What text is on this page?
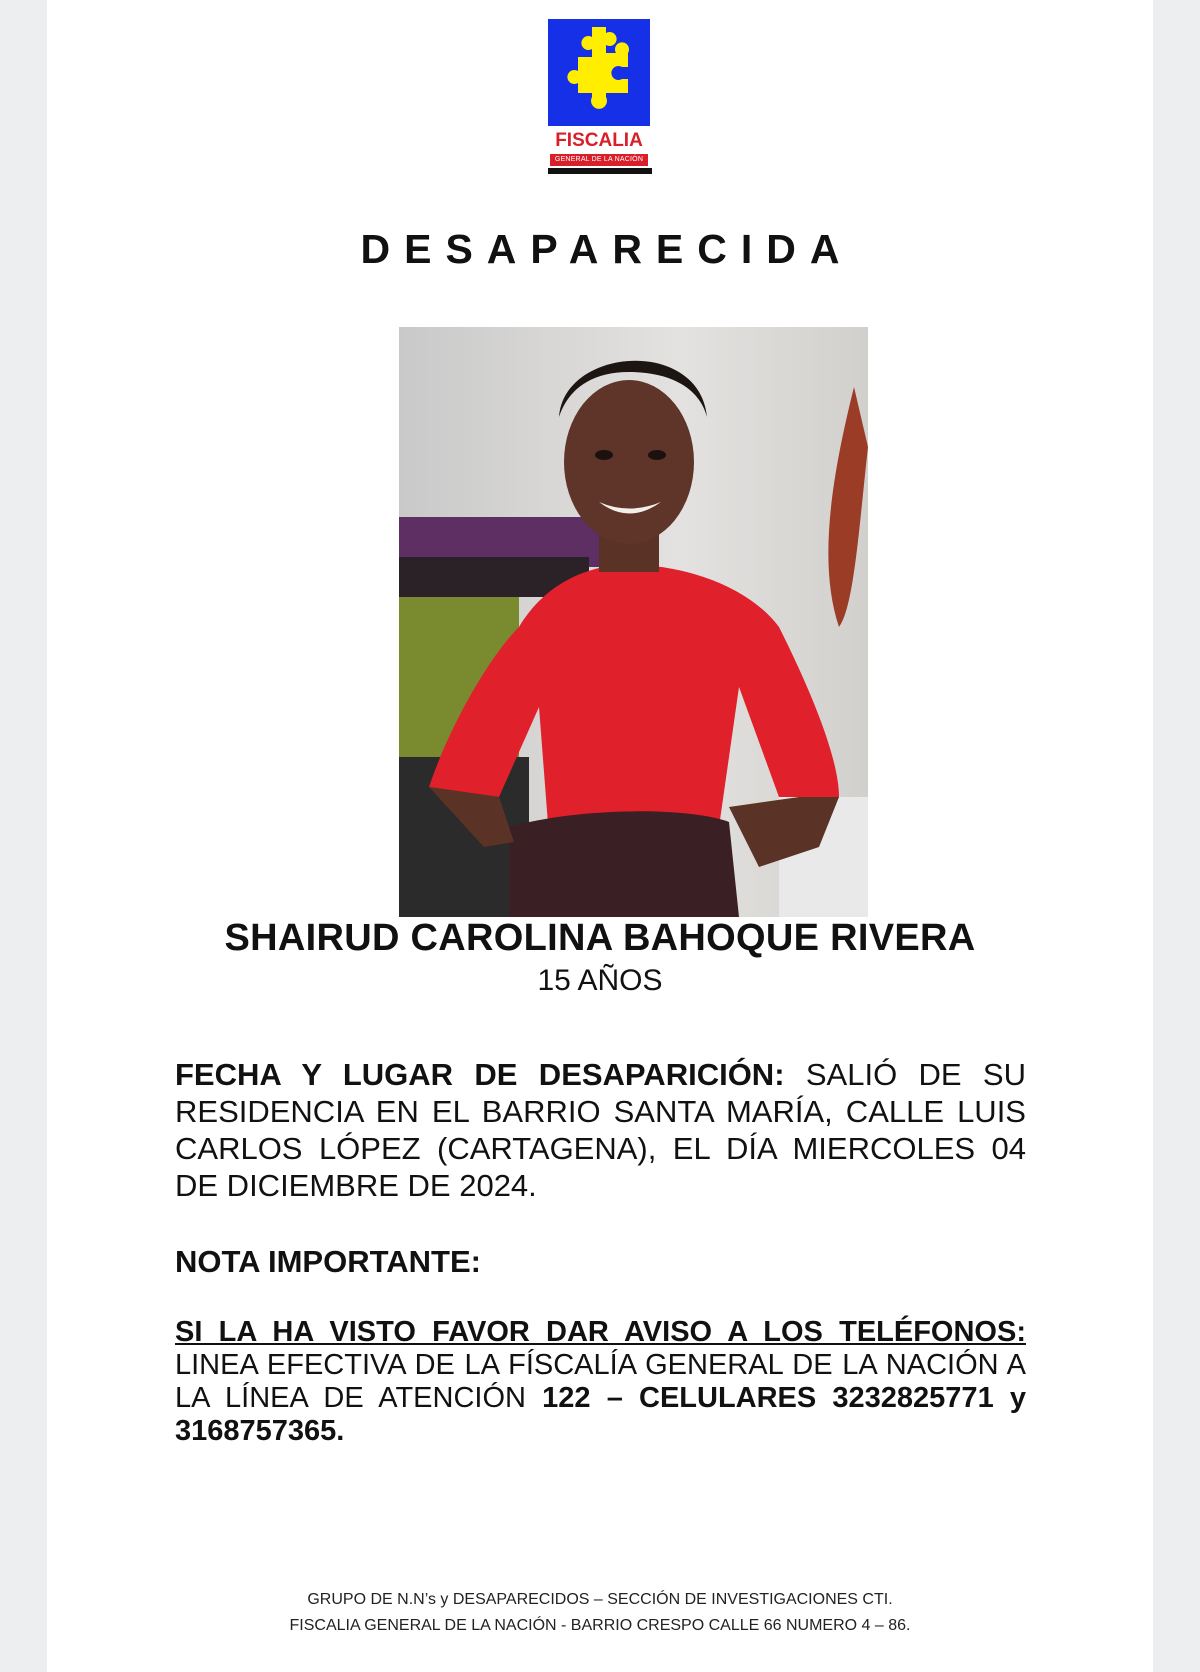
FISCALIA
GENERAL DE LA NACIÓN
DESAPARECIDA
SHAIRUD CAROLINA BAHOQUE RIVERA
15 AÑOS
FECHA Y LUGAR DE DESAPARICIÓN: SALIÓ DE SU RESIDENCIA EN EL BARRIO SANTA MARÍA, CALLE LUIS CARLOS LÓPEZ (CARTAGENA), EL DÍA MIERCOLES 04 DE DICIEMBRE DE 2024.
NOTA IMPORTANTE:
SI LA HA VISTO FAVOR DAR AVISO A LOS TELÉFONOS:
LINEA EFECTIVA DE LA FÍSCALÍA GENERAL DE LA NACIÓN A LA LÍNEA DE ATENCIÓN 122 – CELULARES 3232825771 y 3168757365.
GRUPO DE N.N’s y DESAPARECIDOS – SECCIÓN DE INVESTIGACIONES CTI.
FISCALIA GENERAL DE LA NACIÓN - BARRIO CRESPO CALLE 66 NUMERO 4 – 86.
